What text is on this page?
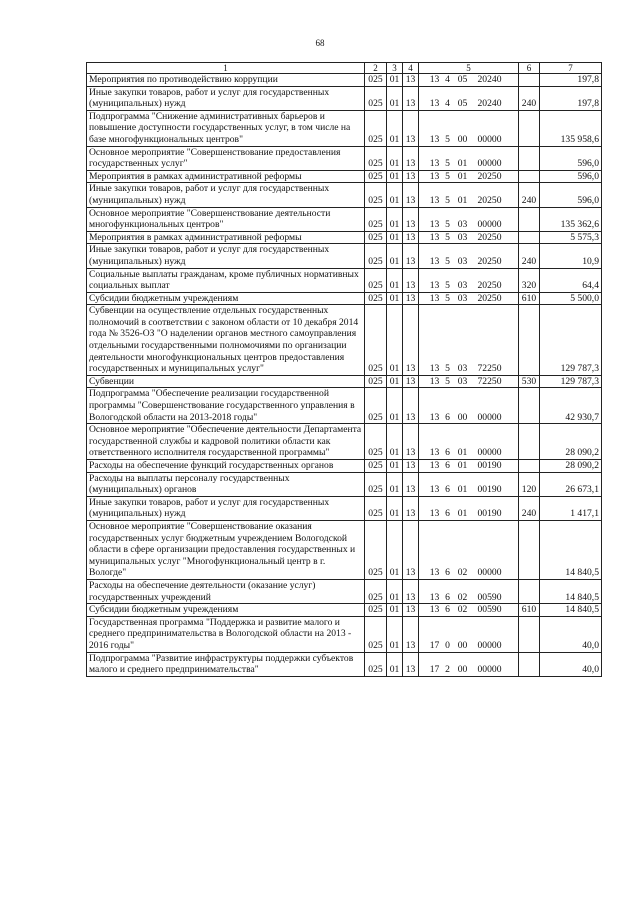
68
1	2	3	4	5	6	7
Мероприятия по противодействию коррупции	025	01	13	13 4 05 20240		197,8
Иные закупки товаров, работ и услуг для государственных (муниципальных) нужд	025	01	13	13 4 05 20240	240	197,8
Подпрограмма "Снижение административных барьеров и повышение доступности государственных услуг, в том числе на базе многофункциональных центров"	025	01	13	13 5 00 00000		135 958,6
Основное мероприятие "Совершенствование предоставления государственных услуг"	025	01	13	13 5 01 00000		596,0
Мероприятия в рамках административной реформы	025	01	13	13 5 01 20250		596,0
Иные закупки товаров, работ и услуг для государственных (муниципальных) нужд	025	01	13	13 5 01 20250	240	596,0
Основное мероприятие "Совершенствование деятельности многофункциональных центров"	025	01	13	13 5 03 00000		135 362,6
Мероприятия в рамках административной реформы	025	01	13	13 5 03 20250		5 575,3
Иные закупки товаров, работ и услуг для государственных (муниципальных) нужд	025	01	13	13 5 03 20250	240	10,9
Социальные выплаты гражданам, кроме публичных нормативных социальных выплат	025	01	13	13 5 03 20250	320	64,4
Субсидии бюджетным учреждениям	025	01	13	13 5 03 20250	610	5 500,0
Субвенции на осуществление отдельных государственных полномочий в соответствии с законом области от 10 декабря 2014 года № 3526-ОЗ "О наделении органов местного самоуправления отдельными государственными полномочиями по организации деятельности многофункциональных центров предоставления государственных и муниципальных услуг"	025	01	13	13 5 03 72250		129 787,3
Субвенции	025	01	13	13 5 03 72250	530	129 787,3
Подпрограмма "Обеспечение реализации государственной программы "Совершенствование государственного управления в Вологодской области на 2013-2018 годы"	025	01	13	13 6 00 00000		42 930,7
Основное мероприятие "Обеспечение деятельности Департамента государственной службы и кадровой политики области как ответственного исполнителя государственной программы"	025	01	13	13 6 01 00000		28 090,2
Расходы на обеспечение функций государственных органов	025	01	13	13 6 01 00190		28 090,2
Расходы на выплаты персоналу государственных (муниципальных) органов	025	01	13	13 6 01 00190	120	26 673,1
Иные закупки товаров, работ и услуг для государственных (муниципальных) нужд	025	01	13	13 6 01 00190	240	1 417,1
Основное мероприятие "Совершенствование оказания государственных услуг бюджетным учреждением Вологодской области в сфере организации предоставления государственных и муниципальных услуг "Многофункциональный центр в г. Вологде"	025	01	13	13 6 02 00000		14 840,5
Расходы на обеспечение деятельности (оказание услуг) государственных учреждений	025	01	13	13 6 02 00590		14 840,5
Субсидии бюджетным учреждениям	025	01	13	13 6 02 00590	610	14 840,5
Государственная программа "Поддержка и развитие малого и среднего предпринимательства в Вологодской области на 2013 - 2016 годы"	025	01	13	17 0 00 00000		40,0
Подпрограмма "Развитие инфраструктуры поддержки субъектов малого и среднего предпринимательства"	025	01	13	17 2 00 00000		40,0
